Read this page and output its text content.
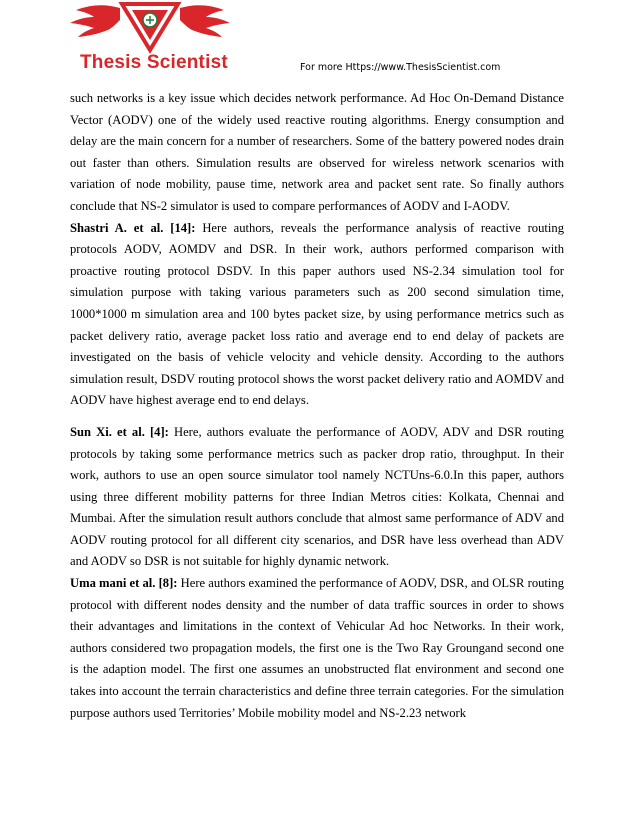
Thesis Scientist	For more Https://www.ThesisScientist.com

such networks is a key issue which decides network performance. Ad Hoc On-Demand Distance Vector (AODV) one of the widely used reactive routing algorithms. Energy consumption and delay are the main concern for a number of researchers. Some of the battery powered nodes drain out faster than others. Simulation results are observed for wireless network scenarios with variation of node mobility, pause time, network area and packet sent rate. So finally authors conclude that NS-2 simulator is used to compare performances of AODV and I-AODV.

Shastri A. et al. [14]: Here authors, reveals the performance analysis of reactive routing protocols AODV, AOMDV and DSR. In their work, authors performed comparison with proactive routing protocol DSDV. In this paper authors used NS-2.34 simulation tool for simulation purpose with taking various parameters such as 200 second simulation time, 1000*1000 m simulation area and 100 bytes packet size, by using performance metrics such as packet delivery ratio, average packet loss ratio and average end to end delay of packets are investigated on the basis of vehicle velocity and vehicle density. According to the authors simulation result, DSDV routing protocol shows the worst packet delivery ratio and AOMDV and AODV have highest average end to end delays.

Sun Xi. et al. [4]: Here, authors evaluate the performance of AODV, ADV and DSR routing protocols by taking some performance metrics such as packer drop ratio, throughput. In their work, authors to use an open source simulator tool namely NCTUns-6.0.In this paper, authors using three different mobility patterns for three Indian Metros cities: Kolkata, Chennai and Mumbai. After the simulation result authors conclude that almost same performance of ADV and AODV routing protocol for all different city scenarios, and DSR have less overhead than ADV and AODV so DSR is not suitable for highly dynamic network.

Uma mani et al. [8]: Here authors examined the performance of AODV, DSR, and OLSR routing protocol with different nodes density and the number of data traffic sources in order to shows their advantages and limitations in the context of Vehicular Ad hoc Networks. In their work, authors considered two propagation models, the first one is the Two Ray Groungand second one is the adaption model. The first one assumes an unobstructed flat environment and second one takes into account the terrain characteristics and define three terrain categories. For the simulation purpose authors used Territories’ Mobile mobility model and NS-2.23 network
